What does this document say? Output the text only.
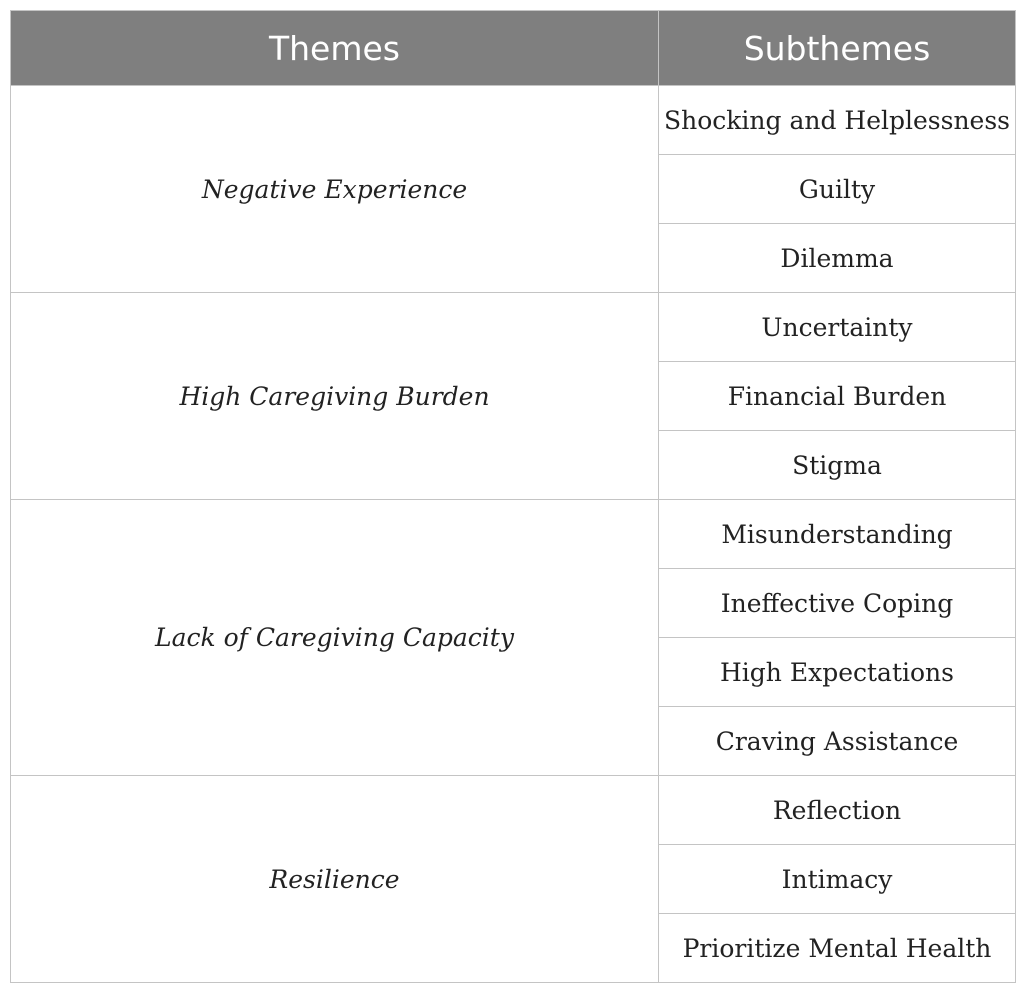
Themes	Subthemes
Negative Experience	Shocking and Helplessness
	Guilty
	Dilemma
High Caregiving Burden	Uncertainty
	Financial Burden
	Stigma
Lack of Caregiving Capacity	Misunderstanding
	Ineffective Coping
	High Expectations
	Craving Assistance
Resilience	Reflection
	Intimacy
	Prioritize Mental Health
